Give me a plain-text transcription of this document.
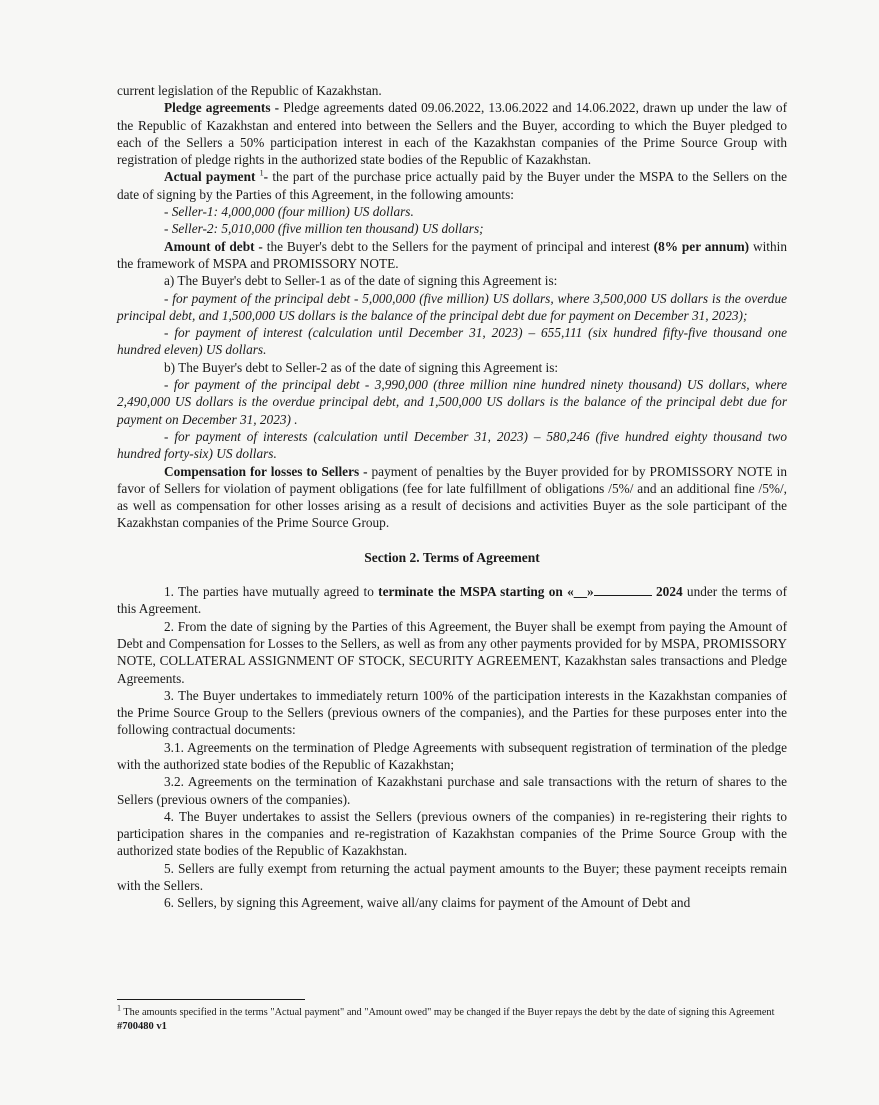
current legislation of the Republic of Kazakhstan.

Pledge agreements - Pledge agreements dated 09.06.2022, 13.06.2022 and 14.06.2022, drawn up under the law of the Republic of Kazakhstan and entered into between the Sellers and the Buyer, according to which the Buyer pledged to each of the Sellers a 50% participation interest in each of the Kazakhstan companies of the Prime Source Group with registration of pledge rights in the authorized state bodies of the Republic of Kazakhstan.

Actual payment $^1$- the part of the purchase price actually paid by the Buyer under the MSPA to the Sellers on the date of signing by the Parties of this Agreement, in the following amounts:

- Seller-1: 4,000,000 (four million) US dollars.

- Seller-2: 5,010,000 (five million ten thousand) US dollars;

Amount of debt - the Buyer's debt to the Sellers for the payment of principal and interest (8% per annum) within the framework of MSPA and PROMISSORY NOTE.

a) The Buyer's debt to Seller-1 as of the date of signing this Agreement is:

- for payment of the principal debt - 5,000,000 (five million) US dollars, where 3,500,000 US dollars is the overdue principal debt, and 1,500,000 US dollars is the balance of the principal debt due for payment on December 31, 2023);

- for payment of interest (calculation until December 31, 2023) – 655,111 (six hundred fifty-five thousand one hundred eleven) US dollars.

b) The Buyer's debt to Seller-2 as of the date of signing this Agreement is:

- for payment of the principal debt - 3,990,000 (three million nine hundred ninety thousand) US dollars, where 2,490,000 US dollars is the overdue principal debt, and 1,500,000 US dollars is the balance of the principal debt due for payment on December 31, 2023) .

- for payment of interests (calculation until December 31, 2023) – 580,246 (five hundred eighty thousand two hundred forty-six) US dollars.

Compensation for losses to Sellers - payment of penalties by the Buyer provided for by PROMISSORY NOTE in favor of Sellers for violation of payment obligations (fee for late fulfillment of obligations /5%/ and an additional fine /5%/, as well as compensation for other losses arising as a result of decisions and activities Buyer as the sole participant of the Kazakhstan companies of the Prime Source Group.

Section 2. Terms of Agreement

1. The parties have mutually agreed to terminate the MSPA starting on «__»	2024 under the terms of this Agreement.

2. From the date of signing by the Parties of this Agreement, the Buyer shall be exempt from paying the Amount of Debt and Compensation for Losses to the Sellers, as well as from any other payments provided for by MSPA, PROMISSORY NOTE, COLLATERAL ASSIGNMENT OF STOCK, SECURITY AGREEMENT, Kazakhstan sales transactions and Pledge Agreements.

3. The Buyer undertakes to immediately return 100% of the participation interests in the Kazakhstan companies of the Prime Source Group to the Sellers (previous owners of the companies), and the Parties for these purposes enter into the following contractual documents:

3.1. Agreements on the termination of Pledge Agreements with subsequent registration of termination of the pledge with the authorized state bodies of the Republic of Kazakhstan;

3.2. Agreements on the termination of Kazakhstani purchase and sale transactions with the return of shares to the Sellers (previous owners of the companies).

4. The Buyer undertakes to assist the Sellers (previous owners of the companies) in re-registering their rights to participation shares in the companies and re-registration of Kazakhstan companies of the Prime Source Group with the authorized state bodies of the Republic of Kazakhstan.

5. Sellers are fully exempt from returning the actual payment amounts to the Buyer; these payment receipts remain with the Sellers.

6. Sellers, by signing this Agreement, waive all/any claims for payment of the Amount of Debt and

$^1$ The amounts specified in the terms "Actual payment" and "Amount owed" may be changed if the Buyer repays the debt by the date of signing this Agreement
#700480 v1
